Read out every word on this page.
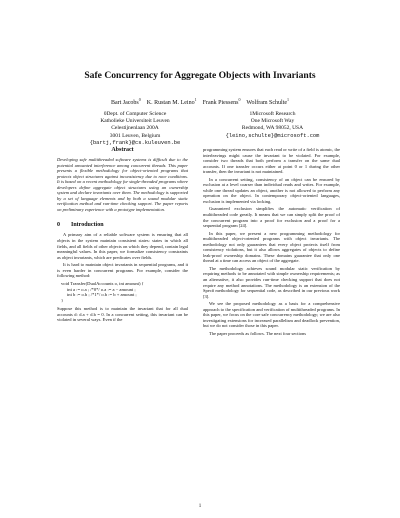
Safe Concurrency for Aggregate Objects with Invariants
Bart Jacobs$^0$    K. Rustan M. Leino$^1$    Frank Piessens$^0$    Wolfram Schulte$^1$
0Dept. of Computer Science
Katholieke Universiteit Leuven
Celestijnenlaan 200A
3001 Leuven, Belgium
{bartj,frank}@cs.kuleuven.be
1Microsoft Research
One Microsoft Way
Redmond, WA 98052, USA
{leino,schulte}@microsoft.com
Abstract
Developing safe multithreaded software systems is difficult due to the potential unwanted interference among concurrent threads. This paper presents a flexible methodology for object-oriented programs that protects object structures against inconsistency due to race conditions. It is based on a recent methodology for single-threaded programs where developers define aggregate object structures using an ownership system and declare invariants over them. The methodology is supported by a set of language elements and by both a sound modular static verification method and run-time checking support. The paper reports on preliminary experience with a prototype implementation.
0 Introduction
A primary aim of a reliable software system is ensuring that all objects in the system maintain consistent states: states in which all fields, and all fields of other objects on which they depend, contain legal meaningful values. In this paper, we formalize consistency constraints as object invariants, which are predicates over fields.
It is hard to maintain object invariants in sequential programs, and it is even harder in concurrent programs. For example, consider the following method:
void Transfer(DualAccounts o, int amount) {
int a := o.a ; /*0*/ o.a := a − amount ;
int b := o.b ; /*1*/ o.b := b + amount ;
}
Suppose this method is to maintain the invariant that for all dual accounts d: d.a + d.b = 0. In a concurrent setting, this invariant can be violated in several ways. Even if the
programming system ensures that each read or write of a field is atomic, the interleavings might cause the invariant to be violated. For example, consider two threads that both perform a transfer on the same dual accounts. If one transfer occurs either at point 0 or 1 during the other transfer, then the invariant is not maintained.
In a concurrent setting, consistency of an object can be ensured by exclusion at a level coarser than individual reads and writes. For example, while one thread updates an object, another is not allowed to perform any operation on the object. In contemporary object-oriented languages, exclusion is implemented via locking.
Guaranteed exclusion simplifies the automatic verification of multithreaded code greatly. It means that we can simply split the proof of the concurrent program into a proof for exclusion and a proof for a sequential program [24].
In this paper, we present a new programming methodology for multithreaded object-oriented programs with object invariants. The methodology not only guarantees that every object protects itself from consistency violations, but it also allows aggregates of objects to define leak-proof ownership domains. These domains guarantee that only one thread at a time can access an object of the aggregate.
The methodology achieves sound modular static verification by requiring methods to be annotated with simple ownership requirements; as an alternative, it also provides run-time checking support that does not require any method annotations. The methodology is an extension of the Spec# methodology for sequential code, as described in our previous work [3].
We see the proposed methodology as a basis for a comprehensive approach to the specification and verification of multithreaded programs. In this paper, we focus on the core safe concurrency methodology; we are also investigating extensions for increased parallelism and deadlock prevention, but we do not consider those in this paper.
The paper proceeds as follows. The next four sections
1
